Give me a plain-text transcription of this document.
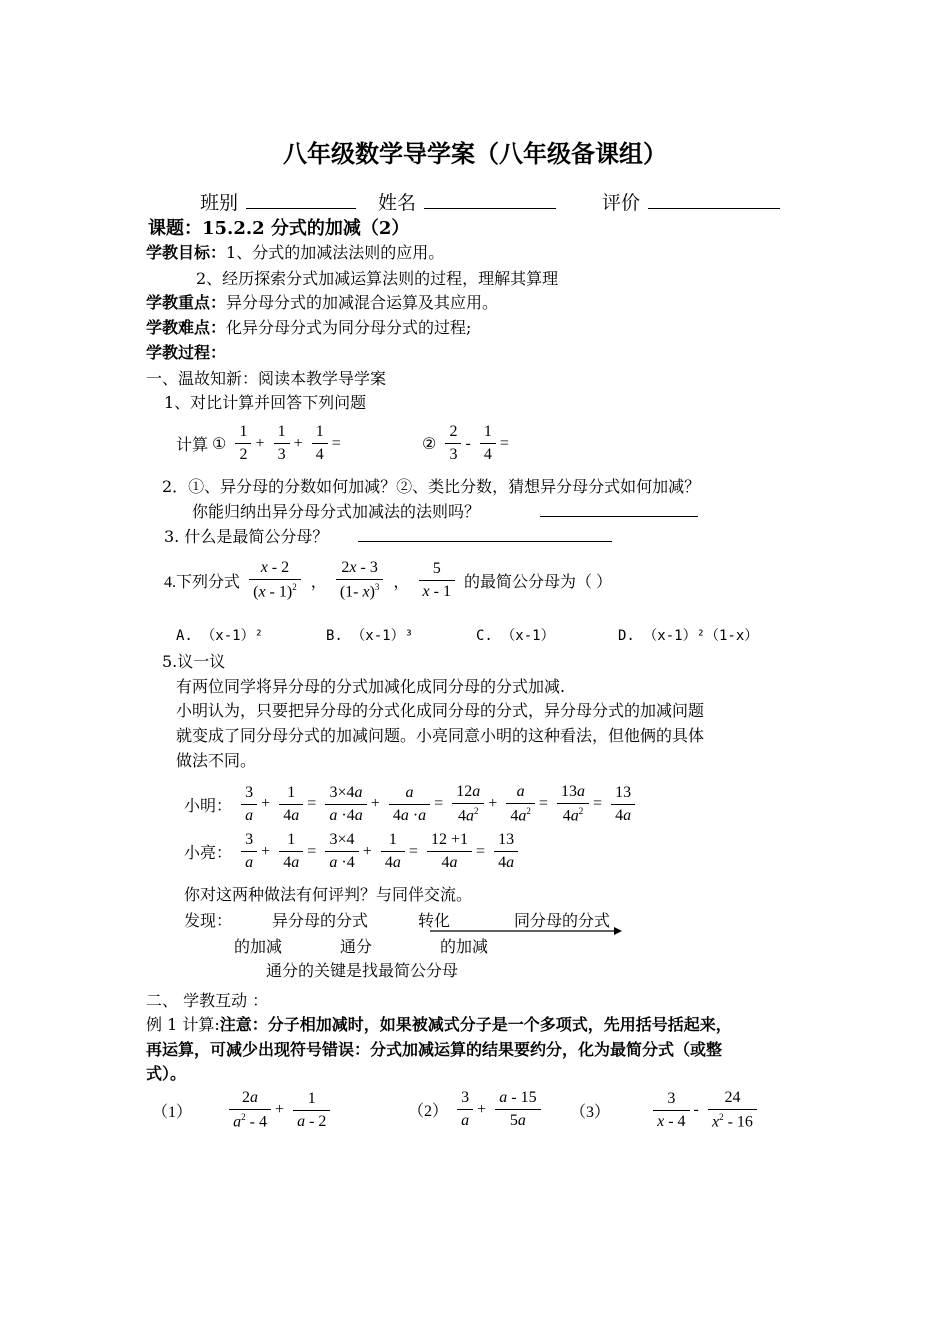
八年级数学导学案（八年级备课组）
班别	姓名	评价
课题：15.2.2 分式的加减（2）
学教目标：1、分式的加减法法则的应用。
2、经历探索分式加减运算法则的过程，理解其算理
学教重点：异分母分式的加减混合运算及其应用。
学教难点：化异分母分式为同分母分式的过程;
学教过程：
一、温故知新：阅读本教学导学案
1、对比计算并回答下列问题
计算 ① $\frac{1}{2} + \frac{1}{3} + \frac{1}{4}$ =	② $\frac{2}{3} - \frac{1}{4}$ =
2．①、异分母的分数如何加减？②、类比分数，猜想异分母分式如何加减？
你能归纳出异分母分式加减法的法则吗？
3. 什么是最简公分母？
4.下列分式 $\frac{x - 2}{(x - 1)^2}$ ， $\frac{2x - 3}{(1- x)^3}$ ， $\frac{5}{x - 1}$ 的最简公分母为（ ）
A. （x-1）²	B. （x-1）³	C. （x-1）	D. （x-1）²（1-x）
5.议一议
有两位同学将异分母的分式加减化成同分母的分式加减.
小明认为，只要把异分母的分式化成同分母的分式，异分母分式的加减问题
就变成了同分母分式的加减问题。小亮同意小明的这种看法，但他俩的具体
做法不同。
小明： $\frac{3}{a} + \frac{1}{4a} = \frac{3\times 4a}{a \cdot 4a} + \frac{a}{4a \cdot a} = \frac{12a}{4a^2} + \frac{a}{4a^2} = \frac{13a}{4a^2} = \frac{13}{4a}$
小亮： $\frac{3}{a} + \frac{1}{4a} = \frac{3\times 4}{a \cdot 4} + \frac{1}{4a} = \frac{12 +1}{4a} = \frac{13}{4a}$
你对这两种做法有何评判？与同伴交流。
发现： 异分母的分式	转化	同分母的分式
的加减	通分	的加减
通分的关键是找最简公分母
二、 学教互动 ：
例 1 计算:注意：分子相加减时，如果被减式分子是一个多项式，先用括号括起来，
再运算，可减少出现符号错误：分式加减运算的结果要约分，化为最简分式（或整
式）。
$(1) \frac{2a}{a^2 - 4} + \frac{1}{a - 2}$	$(2) \frac{3}{a} + \frac{a - 15}{5a} (3)$	$\frac{3}{x - 4} - \frac{24}{x^2 - 16}$
